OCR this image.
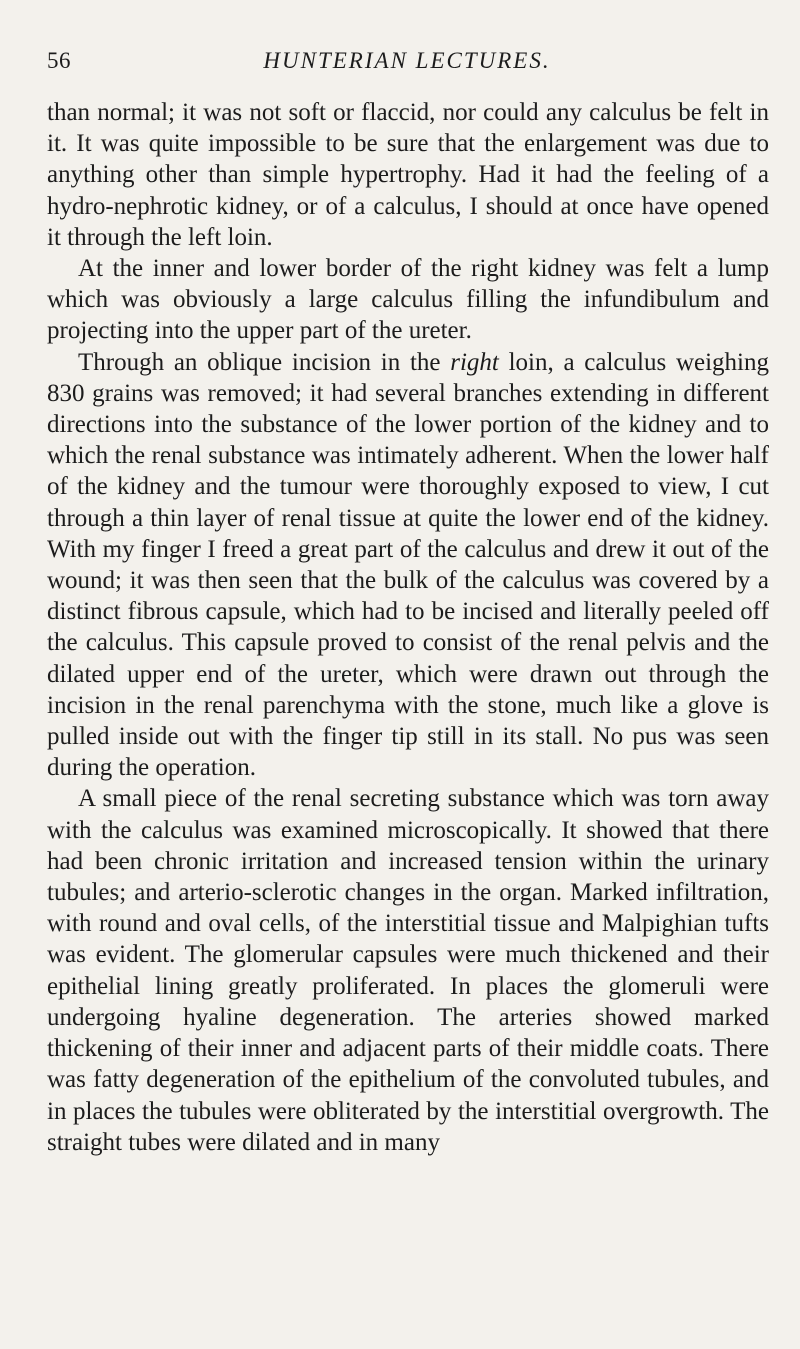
56	HUNTERIAN LECTURES.

than normal; it was not soft or flaccid, nor could any calculus be felt in it. It was quite impossible to be sure that the enlargement was due to anything other than simple hypertrophy. Had it had the feeling of a hydro-nephrotic kidney, or of a calculus, I should at once have opened it through the left loin.

At the inner and lower border of the right kidney was felt a lump which was obviously a large calculus filling the infundibulum and projecting into the upper part of the ureter.

Through an oblique incision in the right loin, a calculus weighing 830 grains was removed; it had several branches extending in different directions into the substance of the lower portion of the kidney and to which the renal substance was intimately adherent. When the lower half of the kidney and the tumour were thoroughly exposed to view, I cut through a thin layer of renal tissue at quite the lower end of the kidney. With my finger I freed a great part of the calculus and drew it out of the wound; it was then seen that the bulk of the calculus was covered by a distinct fibrous capsule, which had to be incised and literally peeled off the calculus. This capsule proved to consist of the renal pelvis and the dilated upper end of the ureter, which were drawn out through the incision in the renal parenchyma with the stone, much like a glove is pulled inside out with the finger tip still in its stall. No pus was seen during the operation.

A small piece of the renal secreting substance which was torn away with the calculus was examined microscopically. It showed that there had been chronic irritation and increased tension within the urinary tubules; and arterio-sclerotic changes in the organ. Marked infiltration, with round and oval cells, of the interstitial tissue and Malpighian tufts was evident. The glomerular capsules were much thickened and their epithelial lining greatly proliferated. In places the glomeruli were undergoing hyaline degeneration. The arteries showed marked thickening of their inner and adjacent parts of their middle coats. There was fatty degeneration of the epithelium of the convoluted tubules, and in places the tubules were obliterated by the interstitial overgrowth. The straight tubes were dilated and in many
